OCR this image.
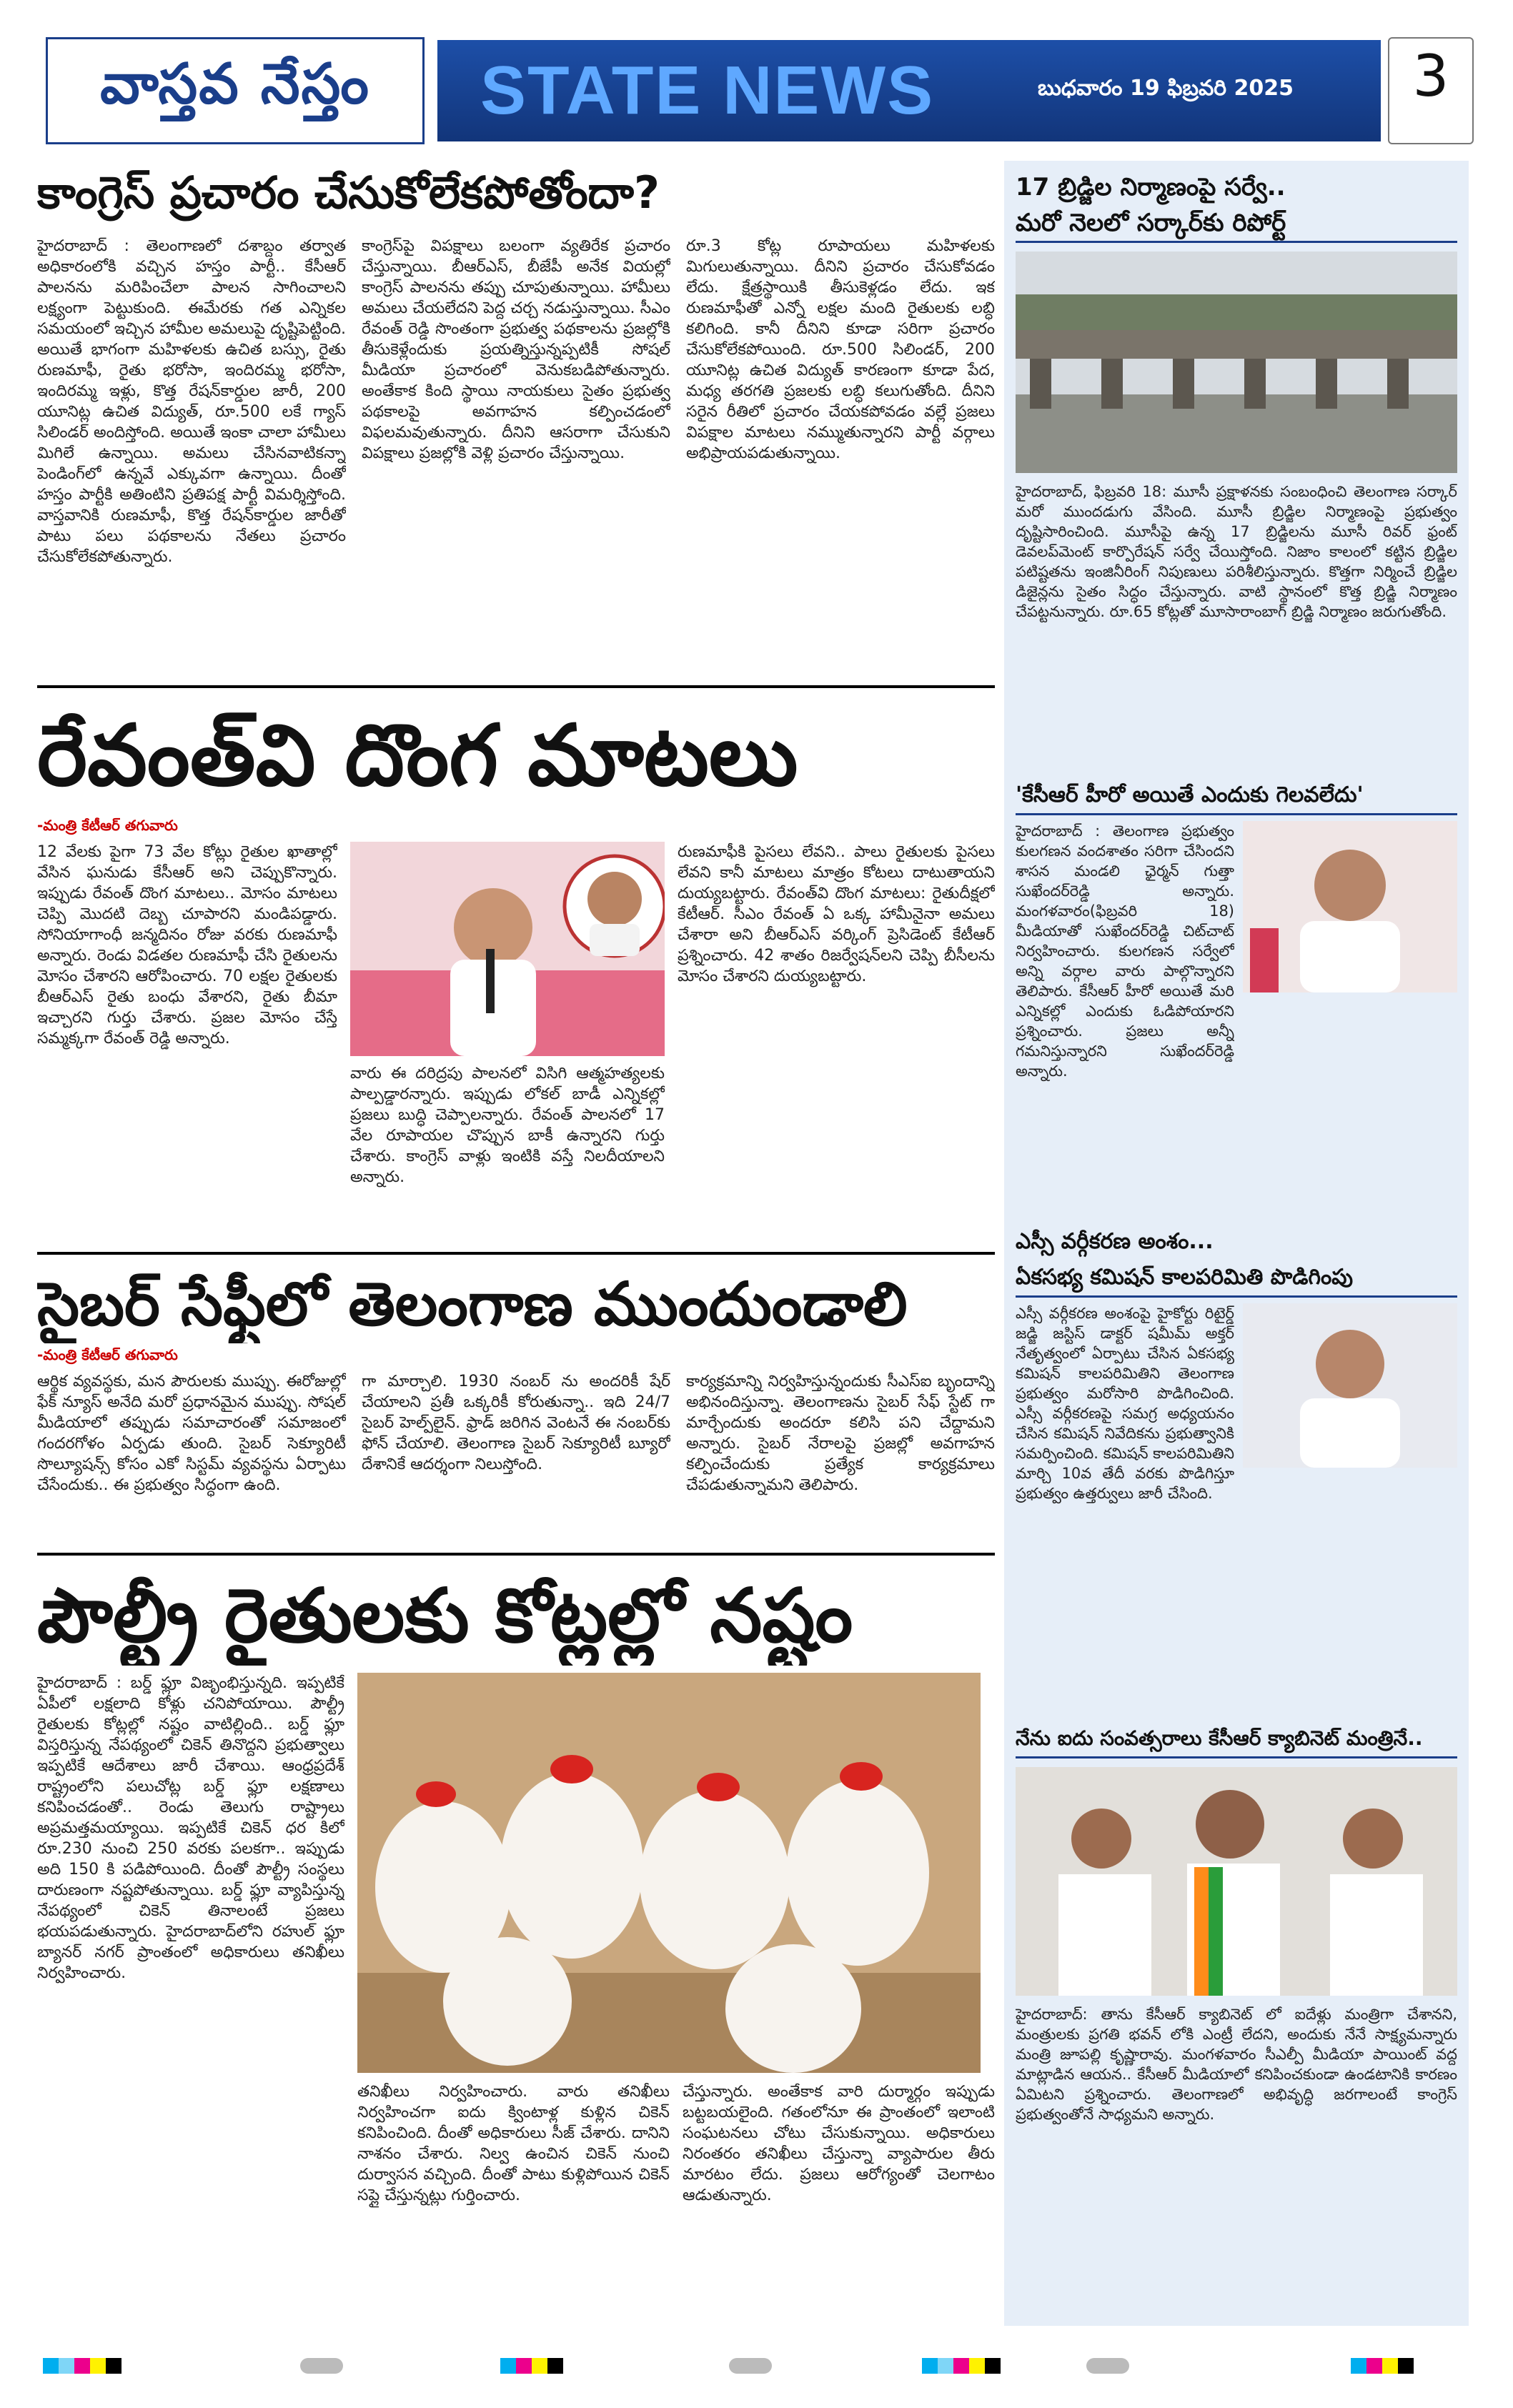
వాస్తవ నేస్తం STATE NEWS	బుధవారం 19 ఫిబ్రవరి 2025	3
కాంగ్రెస్ ప్రచారం చేసుకోలేకపోతోందా?
హైదరాబాద్ : తెలంగాణలో దశాబ్దం తర్వాత అధికారంలోకి వచ్చిన హస్తం పార్టీ.. కేసీఆర్‌ పాలనను మరిపించేలా పాలన సాగించాలని లక్ష్యంగా పెట్టుకుంది. ఈమేరకు గత ఎన్నికల సమయంలో ఇచ్చిన హామీల అమలుపై దృష్టిపెట్టింది. అయితే భాగంగా మహిళలకు ఉచిత బస్సు, రైతు రుణమాఫీ, రైతు భరోసా, ఇందిరమ్మ భరోసా, ఇందిరమ్మ ఇళ్లు, కొత్త రేషన్‌కార్డుల జారీ, 200 యూనిట్ల ఉచిత విద్యుత్, రూ.500 లకే గ్యాస్ సిలిండర్ అందిస్తోంది. అయితే ఇంకా చాలా హామీలు మిగిలే ఉన్నాయి. అమలు చేసినవాటికన్నా పెండింగ్‌లో ఉన్నవే ఎక్కువగా ఉన్నాయి. దీంతో హస్తం పార్టీకి అతింటిని ప్రతిపక్ష పార్టీ విమర్శిస్తోంది. వాస్తవానికి రుణమాఫీ, కొత్త రేషన్‌కార్డుల జారీతో పాటు పలు పథకాలను నేతలు ప్రచారం చేసుకోలేకపోతున్నారు.
కాంగ్రెస్‌పై విపక్షాలు బలంగా వ్యతిరేక ప్రచారం చేస్తున్నాయి. బీఆర్ఎస్, బీజేపీ అనేక వియల్లో కాంగ్రెస్ పాలనను తప్పు చూపుతున్నాయి. హామీలు అమలు చేయలేదని పెద్ద చర్చ నడుస్తున్నాయి. సీఎం రేవంత్ రెడ్డి సొంతంగా ప్రభుత్వ పథకాలను ప్రజల్లోకి తీసుకెళ్లేందుకు ప్రయత్నిస్తున్నప్పటికీ సోషల్ మీడియా ప్రచారంలో వెనుకబడిపోతున్నారు. అంతేకాక కింది స్థాయి నాయకులు సైతం ప్రభుత్వ పథకాలపై అవగాహన కల్పించడంలో విఫలమవుతున్నారు. దీనిని ఆసరాగా చేసుకుని విపక్షాలు ప్రజల్లోకి వెళ్లి ప్రచారం చేస్తున్నాయి.
రూ.3 కోట్ల రూపాయలు మహిళలకు మిగులుతున్నాయి. దీనిని ప్రచారం చేసుకోవడం లేదు. క్షేత్రస్థాయికి తీసుకెళ్లడం లేదు. ఇక రుణమాఫీతో ఎన్నో లక్షల మంది రైతులకు లబ్ధి కలిగింది. కానీ దీనిని కూడా సరిగా ప్రచారం చేసుకోలేకపోయింది. రూ.500 సిలిండర్, 200 యూనిట్ల ఉచిత విద్యుత్ కారణంగా కూడా పేద, మధ్య తరగతి ప్రజలకు లబ్ధి కలుగుతోంది. దీనిని సరైన రీతిలో ప్రచారం చేయకపోవడం వల్లే ప్రజలు విపక్షాల మాటలు నమ్ముతున్నారని పార్టీ వర్గాలు అభిప్రాయపడుతున్నాయి.
రేవంత్‌వి దొంగ మాటలు
-మంత్రి కేటీఆర్ తగువారు
12 వేలకు పైగా 73 వేల కోట్లు రైతుల ఖాతాల్లో వేసిన ఘనుడు కేసీఆర్ అని చెప్పుకొన్నారు. ఇప్పుడు రేవంత్ దొంగ మాటలు.. మోసం మాటలు చెప్పి మొదటి దెబ్బ చూపారని మండిపడ్డారు. సోనియాగాంధీ జన్మదినం రోజు వరకు రుణమాఫీ అన్నారు. రెండు విడతల రుణమాఫీ చేసి రైతులను మోసం చేశారని ఆరోపించారు. 70 లక్షల రైతులకు బీఆర్ఎస్ రైతు బంధు వేశారని, రైతు బీమా ఇచ్చారని గుర్తు చేశారు. ప్రజల మోసం చేస్తే సమ్మక్కగా రేవంత్ రెడ్డి అన్నారు.
వారు ఈ దరిద్రపు పాలనలో విసిగి ఆత్మహత్యలకు పాల్పడ్డారన్నారు. ఇప్పుడు లోకల్ బాడీ ఎన్నికల్లో ప్రజలు బుద్ధి చెప్పాలన్నారు. రేవంత్ పాలనలో 17 వేల రూపాయల చొప్పున బాకీ ఉన్నారని గుర్తు చేశారు. కాంగ్రెస్ వాళ్లు ఇంటికి వస్తే నిలదీయాలని అన్నారు.
రుణమాఫీకి పైసలు లేవని.. పాలు రైతులకు పైసలు లేవని కానీ మాటలు మాత్రం కోటలు దాటుతాయని దుయ్యబట్టారు. రేవంత్‌వి దొంగ మాటలు: రైతుదీక్షలో కేటీఆర్. సీఎం రేవంత్ ఏ ఒక్క హామీనైనా అమలు చేశారా అని బీఆర్ఎస్ వర్కింగ్ ప్రెసిడెంట్ కేటీఆర్ ప్రశ్నించారు. 42 శాతం రిజర్వేషన్‌లని చెప్పి బీసీలను మోసం చేశారని దుయ్యబట్టారు.
సైబర్ సేఫ్టీలో తెలంగాణ ముందుండాలి
-మంత్రి కేటీఆర్ తగువారు
ఆర్థిక వ్యవస్థకు, మన పౌరులకు ముప్పు. ఈరోజుల్లో ఫేక్ న్యూస్ అనేది మరో ప్రధానమైన ముప్పు. సోషల్ మీడియాలో తప్పుడు సమాచారంతో సమాజంలో గందరగోళం ఏర్పడు తుంది. సైబర్ సెక్యూరిటీ సొల్యూషన్స్ కోసం ఎకో సిస్టమ్ వ్యవస్థను ఏర్పాటు చేసేందుకు.. ఈ ప్రభుత్వం సిద్ధంగా ఉంది.
గా మార్చాలి. 1930 నంబర్ ను అందరికీ షేర్ చేయాలని ప్రతీ ఒక్కరికీ కోరుతున్నా.. ఇది 24/7 సైబర్ హెల్ప్‌లైన్. ఫ్రాడ్ జరిగిన వెంటనే ఈ నంబర్‌కు ఫోన్ చేయాలి. తెలంగాణ సైబర్ సెక్యూరిటీ బ్యూరో దేశానికే ఆదర్శంగా నిలుస్తోంది.
కార్యక్రమాన్ని నిర్వహిస్తున్నందుకు సీఎస్ఐ బృందాన్ని అభినందిస్తున్నా. తెలంగాణను సైబర్ సేఫ్ స్టేట్ గా మార్చేందుకు అందరూ కలిసి పని చేద్దామని అన్నారు. సైబర్ నేరాలపై ప్రజల్లో అవగాహన కల్పించేందుకు ప్రత్యేక కార్యక్రమాలు చేపడుతున్నామని తెలిపారు.
పౌల్ట్రీ రైతులకు కోట్లల్లో నష్టం
హైదరాబాద్ : బర్డ్ ఫ్లూ విజృంభిస్తున్నది. ఇప్పటికే ఏపీలో లక్షలాది కోళ్లు చనిపోయాయి. పౌల్ట్రీ రైతులకు కోట్లల్లో నష్టం వాటిల్లింది.. బర్డ్ ఫ్లూ విస్తరిస్తున్న నేపథ్యంలో చికెన్ తినొద్దని ప్రభుత్వాలు ఇప్పటికే ఆదేశాలు జారీ చేశాయి. ఆంధ్రప్రదేశ్ రాష్ట్రంలోని పలుచోట్ల బర్డ్ ఫ్లూ లక్షణాలు కనిపించడంతో.. రెండు తెలుగు రాష్ట్రాలు అప్రమత్తమయ్యాయి. ఇప్పటికే చికెన్ ధర కిలో రూ.230 నుంచి 250 వరకు పలకగా.. ఇప్పుడు అది 150 కి పడిపోయింది. దీంతో పౌల్ట్రీ సంస్థలు దారుణంగా నష్టపోతున్నాయి. బర్డ్ ఫ్లూ వ్యాపిస్తున్న నేపథ్యంలో చికెన్ తినాలంటే ప్రజలు భయపడుతున్నారు. హైదరాబాద్‌లోని రహుల్ ఫ్లూ బ్యానర్ నగర్ ప్రాంతంలో అధికారులు తనిఖీలు నిర్వహించారు.
తనిఖీలు నిర్వహించారు. వారు తనిఖీలు నిర్వహించగా ఐదు క్వింటాళ్ల కుళ్లిన చికెన్ కనిపించింది. దీంతో అధికారులు సీజ్ చేశారు. దానిని నాశనం చేశారు. నిల్వ ఉంచిన చికెన్ నుంచి దుర్వాసన వచ్చింది. దీంతో పాటు కుళ్లిపోయిన చికెన్ సప్లై చేస్తున్నట్లు గుర్తించారు.
చేస్తున్నారు. అంతేకాక వారి దుర్మార్గం ఇప్పుడు బట్టబయలైంది. గతంలోనూ ఈ ప్రాంతంలో ఇలాంటి సంఘటనలు చోటు చేసుకున్నాయి. అధికారులు నిరంతరం తనిఖీలు చేస్తున్నా వ్యాపారుల తీరు మారటం లేదు. ప్రజలు ఆరోగ్యంతో చెలగాటం ఆడుతున్నారు.
17 బ్రిడ్జిల నిర్మాణంపై సర్వే..
మరో నెలలో సర్కార్‌కు రిపోర్ట్
హైదరాబాద్, ఫిబ్రవరి 18: మూసీ ప్రక్షాళనకు సంబంధించి తెలంగాణ సర్కార్ మరో ముందడుగు వేసింది. మూసీ బ్రిడ్జిల నిర్మాణంపై ప్రభుత్వం దృష్టిసారించింది. మూసీపై ఉన్న 17 బ్రిడ్జిలను మూసీ రివర్ ఫ్రంట్ డెవలప్‌మెంట్ కార్పొరేషన్ సర్వే చేయిస్తోంది. నిజాం కాలంలో కట్టిన బ్రిడ్జిల పటిష్టతను ఇంజినీరింగ్ నిపుణులు పరిశీలిస్తున్నారు. కొత్తగా నిర్మించే బ్రిడ్జిల డిజైన్లను సైతం సిద్ధం చేస్తున్నారు. వాటి స్థానంలో కొత్త బ్రిడ్జి నిర్మాణం చేపట్టనున్నారు. రూ.65 కోట్లతో మూసారాంబాగ్ బ్రిడ్జి నిర్మాణం జరుగుతోంది.
'కేసీఆర్ హీరో అయితే ఎందుకు గెలవలేదు'
హైదరాబాద్ : తెలంగాణ ప్రభుత్వం కులగణన వందశాతం సరిగా చేసిందని శాసన మండలి ఛైర్మన్ గుత్తా సుఖేందర్‌రెడ్డి అన్నారు. మంగళవారం(ఫిబ్రవరి 18) మీడియాతో సుఖేందర్‌రెడ్డి చిట్‌చాట్ నిర్వహించారు. కులగణన సర్వేలో అన్ని వర్గాల వారు పాల్గొన్నారని తెలిపారు. కేసీఆర్ హీరో అయితే మరి ఎన్నికల్లో ఎందుకు ఓడిపోయారని ప్రశ్నించారు. ప్రజలు అన్నీ గమనిస్తున్నారని సుఖేందర్‌రెడ్డి అన్నారు.
ఎస్సీ వర్గీకరణ అంశం...
ఏకసభ్య కమిషన్ కాలపరిమితి పొడిగింపు
ఎస్సీ వర్గీకరణ అంశంపై హైకోర్టు రిటైర్డ్ జడ్జి జస్టిస్ డాక్టర్ షమీమ్ అక్తర్ నేతృత్వంలో ఏర్పాటు చేసిన ఏకసభ్య కమిషన్ కాలపరిమితిని తెలంగాణ ప్రభుత్వం మరోసారి పొడిగించింది. ఎస్సీ వర్గీకరణపై సమగ్ర అధ్యయనం చేసిన కమిషన్ నివేదికను ప్రభుత్వానికి సమర్పించింది. కమిషన్ కాలపరిమితిని మార్చి 10వ తేదీ వరకు పొడిగిస్తూ ప్రభుత్వం ఉత్తర్వులు జారీ చేసింది.
నేను ఐదు సంవత్సరాలు కేసీఆర్ క్యాబినెట్ మంత్రినే..
హైదరాబాద్: తాను కేసీఆర్ క్యాబినెట్ లో ఐదేళ్లు మంత్రిగా చేశానని, మంత్రులకు ప్రగతి భవన్ లోకి ఎంట్రీ లేదని, అందుకు నేనే సాక్ష్యమన్నారు మంత్రి జూపల్లి కృష్ణారావు. మంగళవారం సీఎల్పీ మీడియా పాయింట్ వద్ద మాట్లాడిన ఆయన.. కేసీఆర్ మీడియాలో కనిపించకుండా ఉండటానికి కారణం ఏమిటని ప్రశ్నించారు. తెలంగాణలో అభివృద్ధి జరగాలంటే కాంగ్రెస్ ప్రభుత్వంతోనే సాధ్యమని అన్నారు.
